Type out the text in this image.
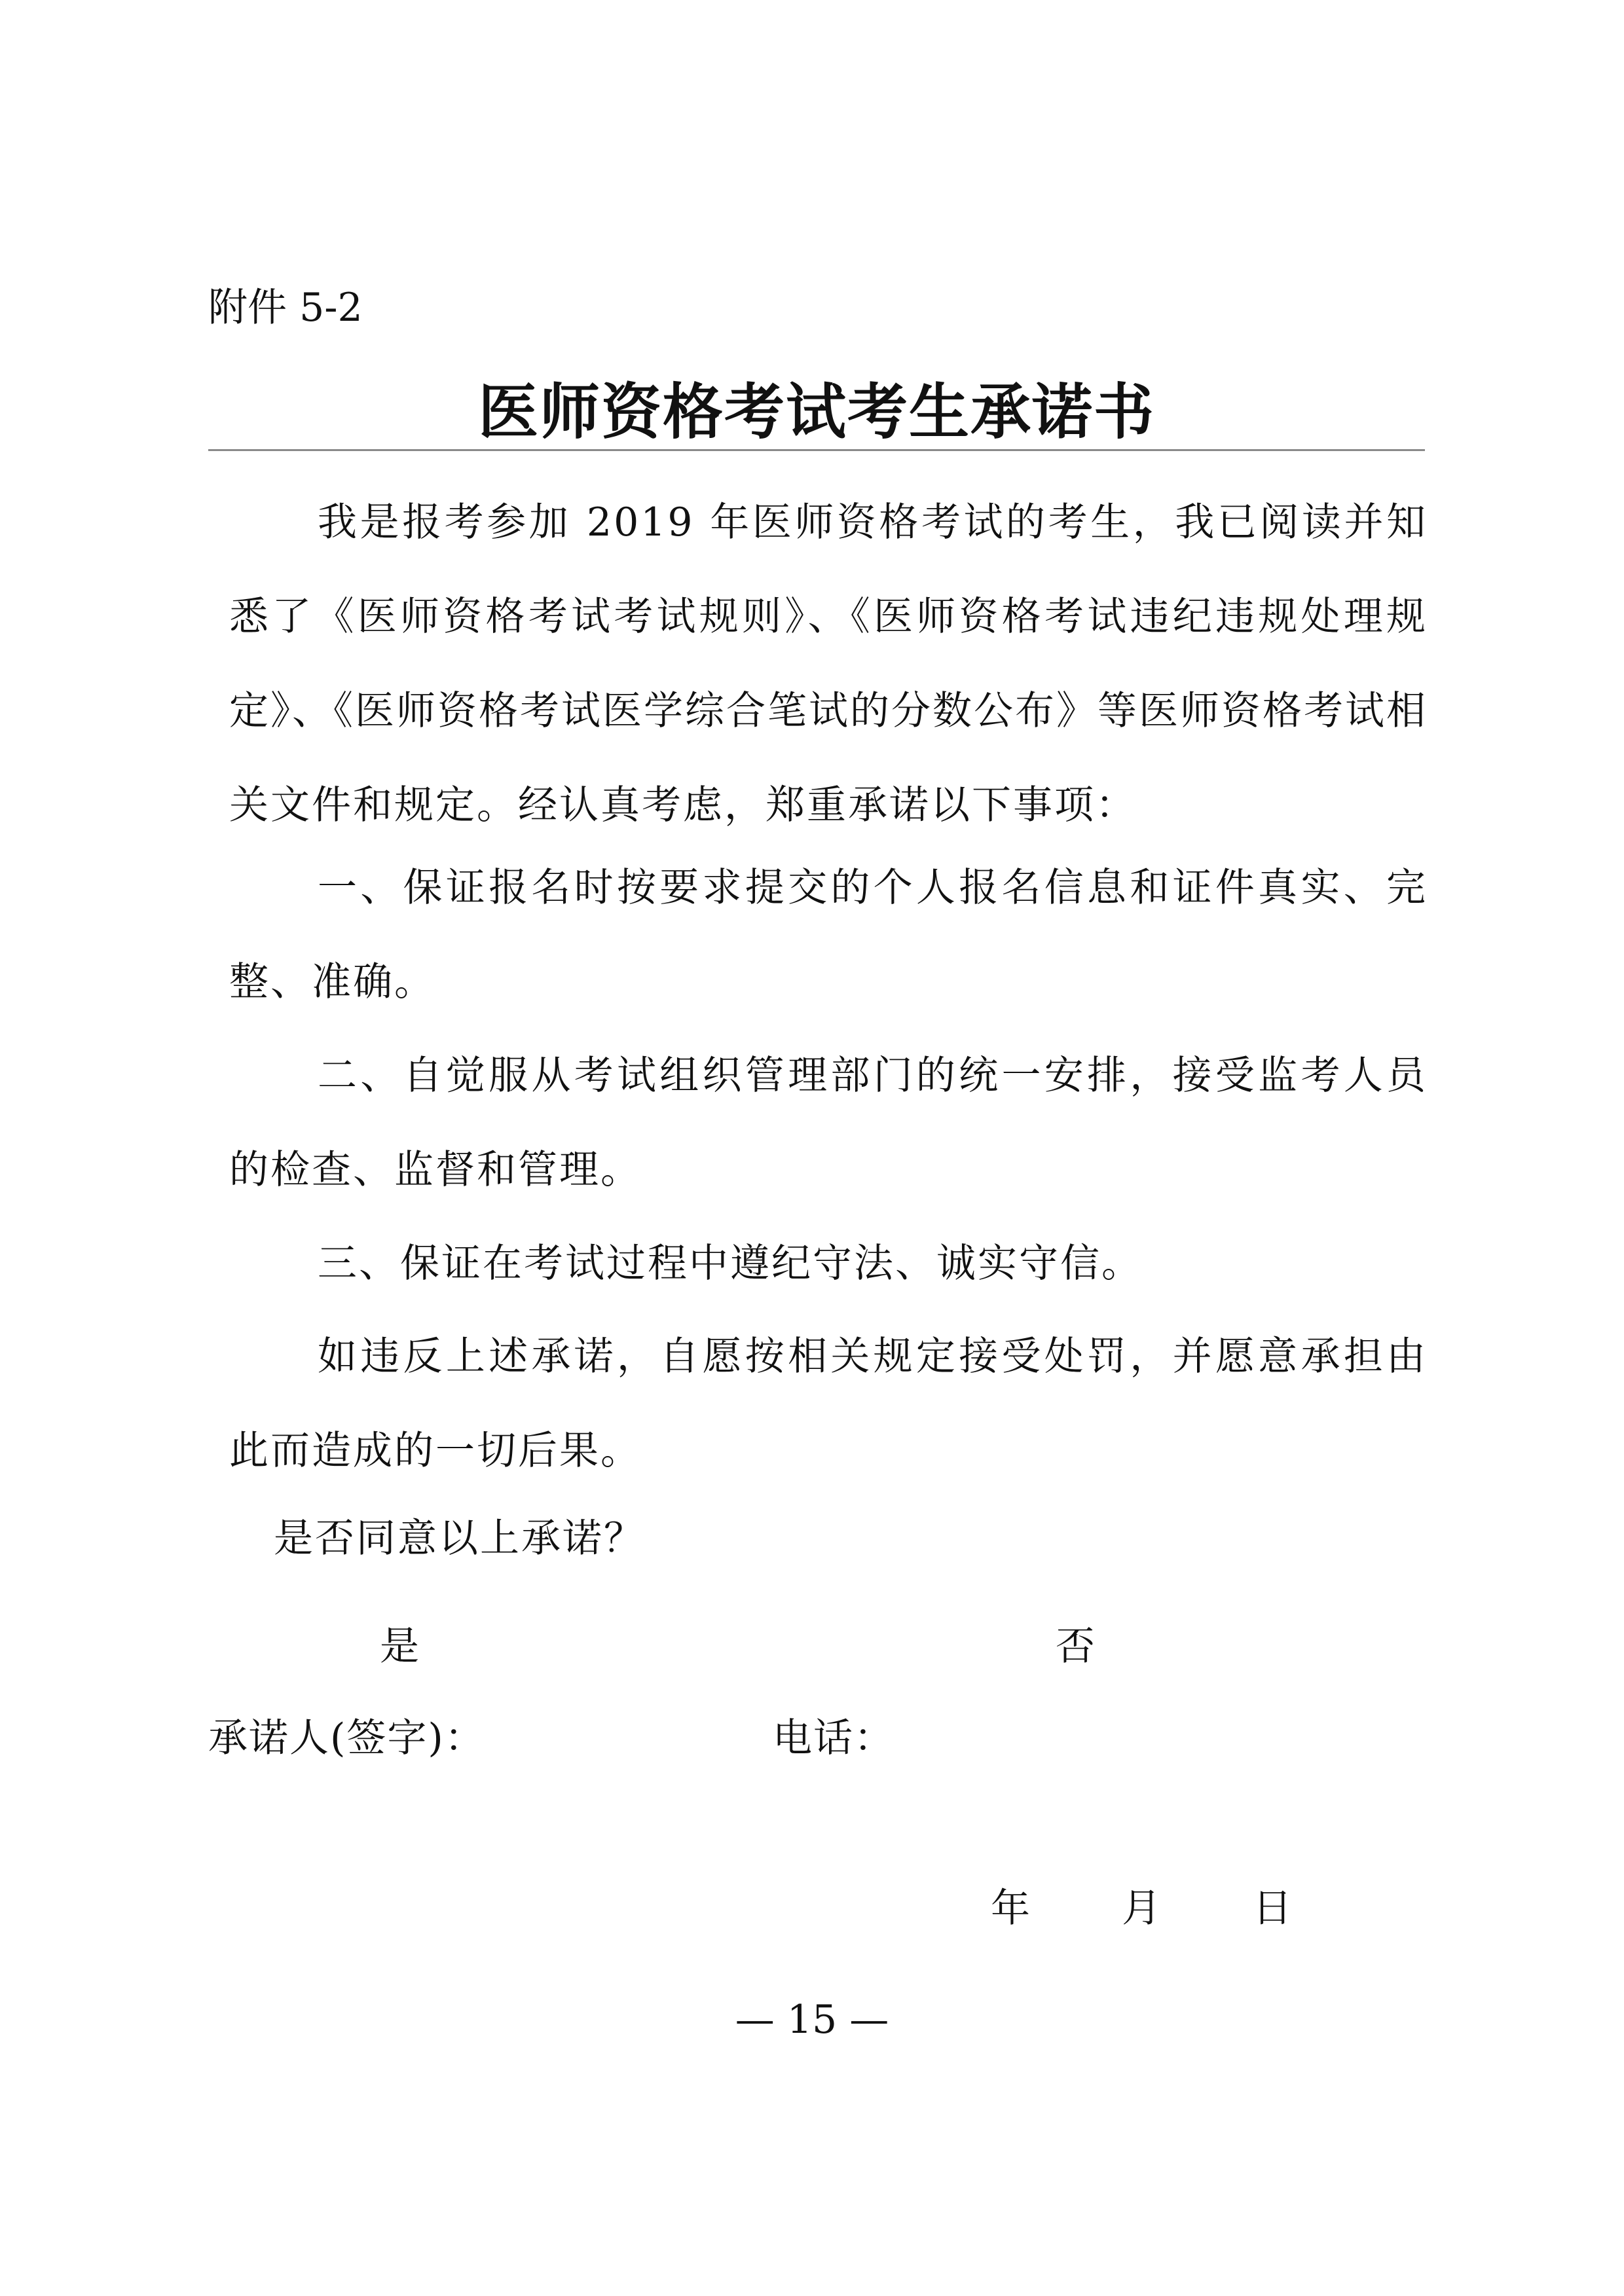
附件 5-2
医师资格考试考生承诺书

我是报考参加 2019 年医师资格考试的考生，我已阅读并知悉了《医师资格考试考试规则》、《医师资格考试违纪违规处理规定》、《医师资格考试医学综合笔试的分数公布》等医师资格考试相关文件和规定。经认真考虑，郑重承诺以下事项：

一、保证报名时按要求提交的个人报名信息和证件真实、完整、准确。

二、自觉服从考试组织管理部门的统一安排，接受监考人员的检查、监督和管理。

三、保证在考试过程中遵纪守法、诚实守信。

如违反上述承诺，自愿按相关规定接受处罚，并愿意承担由此而造成的一切后果。

是否同意以上承诺？
是	否
承诺人(签字)：	电话：
年 月 日
— 15 —
